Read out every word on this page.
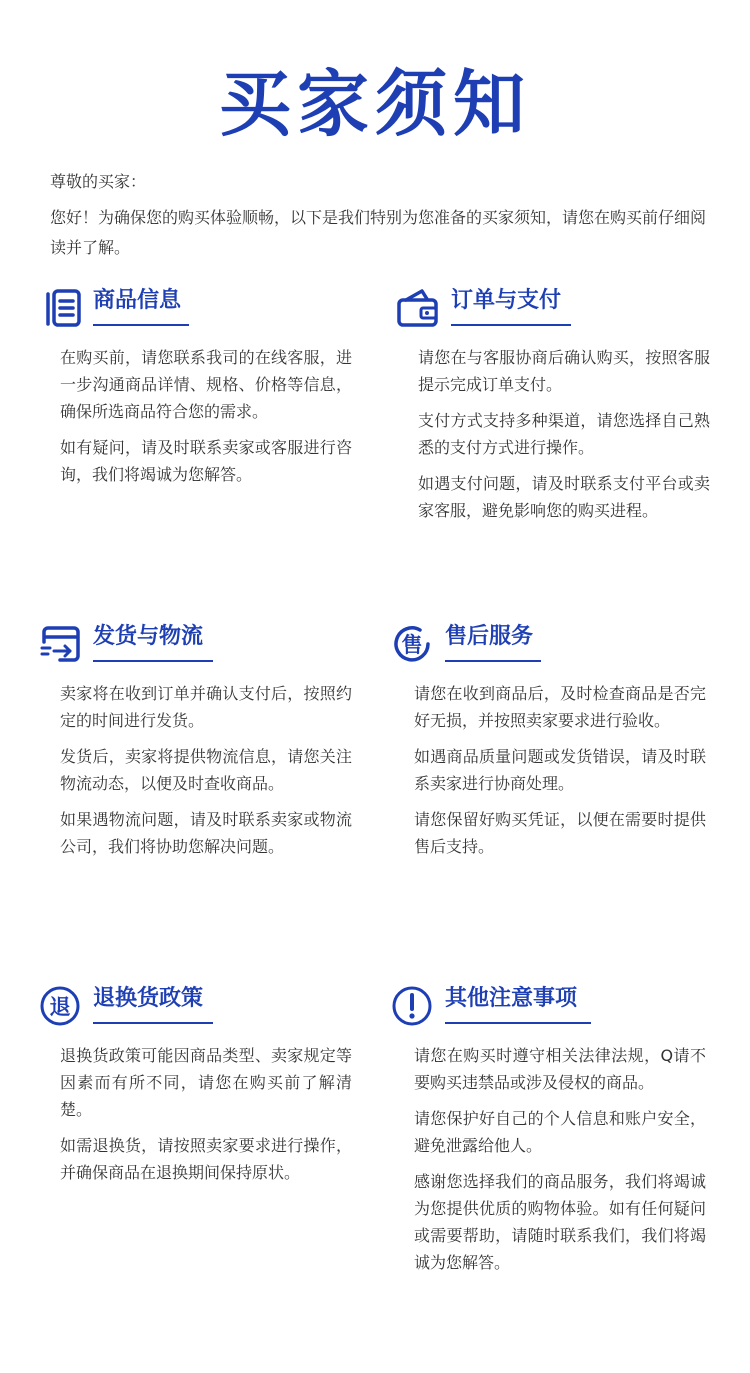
买家须知
尊敬的买家：

您好！为确保您的购买体验顺畅，以下是我们特别为您准备的买家须知，请您在购买前仔细阅读并了解。

商品信息

在购买前，请您联系我司的在线客服，进一步沟通商品详情、规格、价格等信息，确保所选商品符合您的需求。

如有疑问，请及时联系卖家或客服进行咨询，我们将竭诚为您解答。

订单与支付

请您在与客服协商后确认购买，按照客服提示完成订单支付。

支付方式支持多种渠道，请您选择自己熟悉的支付方式进行操作。

如遇支付问题，请及时联系支付平台或卖家客服，避免影响您的购买进程。

发货与物流

卖家将在收到订单并确认支付后，按照约定的时间进行发货。

发货后，卖家将提供物流信息，请您关注物流动态，以便及时查收商品。

如果遇物流问题，请及时联系卖家或物流公司，我们将协助您解决问题。

售 售后服务

请您在收到商品后，及时检查商品是否完好无损，并按照卖家要求进行验收。

如遇商品质量问题或发货错误，请及时联系卖家进行协商处理。

请您保留好购买凭证，以便在需要时提供售后支持。

退 退换货政策

退换货政策可能因商品类型、卖家规定等因素而有所不同，请您在购买前了解清楚。

如需退换货，请按照卖家要求进行操作，并确保商品在退换期间保持原状。

其他注意事项

请您在购买时遵守相关法律法规，Q请不要购买违禁品或涉及侵权的商品。

请您保护好自己的个人信息和账户安全，避免泄露给他人。

感谢您选择我们的商品服务，我们将竭诚为您提供优质的购物体验。如有任何疑问或需要帮助，请随时联系我们，我们将竭诚为您解答。
